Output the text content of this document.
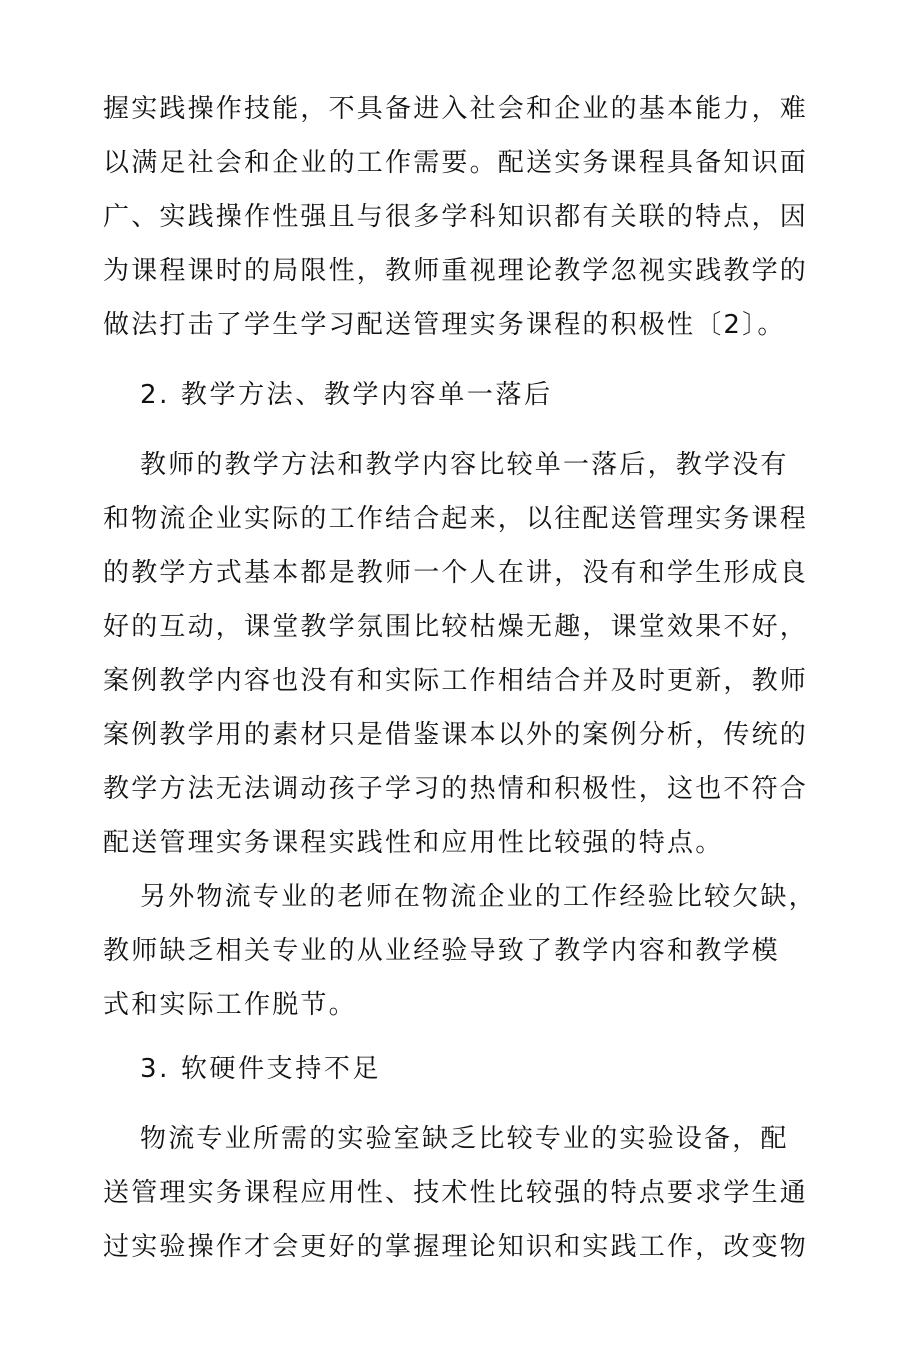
握实践操作技能，不具备进入社会和企业的基本能力，难
以满足社会和企业的工作需要。配送实务课程具备知识面
广、实践操作性强且与很多学科知识都有关联的特点，因
为课程课时的局限性，教师重视理论教学忽视实践教学的
做法打击了学生学习配送管理实务课程的积极性〔2〕。
2. 教学方法、教学内容单一落后
教师的教学方法和教学内容比较单一落后，教学没有
和物流企业实际的工作结合起来，以往配送管理实务课程
的教学方式基本都是教师一个人在讲，没有和学生形成良
好的互动，课堂教学氛围比较枯燥无趣，课堂效果不好，
案例教学内容也没有和实际工作相结合并及时更新，教师
案例教学用的素材只是借鉴课本以外的案例分析，传统的
教学方法无法调动孩子学习的热情和积极性，这也不符合
配送管理实务课程实践性和应用性比较强的特点。
另外物流专业的老师在物流企业的工作经验比较欠缺，
教师缺乏相关专业的从业经验导致了教学内容和教学模
式和实际工作脱节。
3. 软硬件支持不足
物流专业所需的实验室缺乏比较专业的实验设备，配
送管理实务课程应用性、技术性比较强的特点要求学生通
过实验操作才会更好的掌握理论知识和实践工作，改变物
